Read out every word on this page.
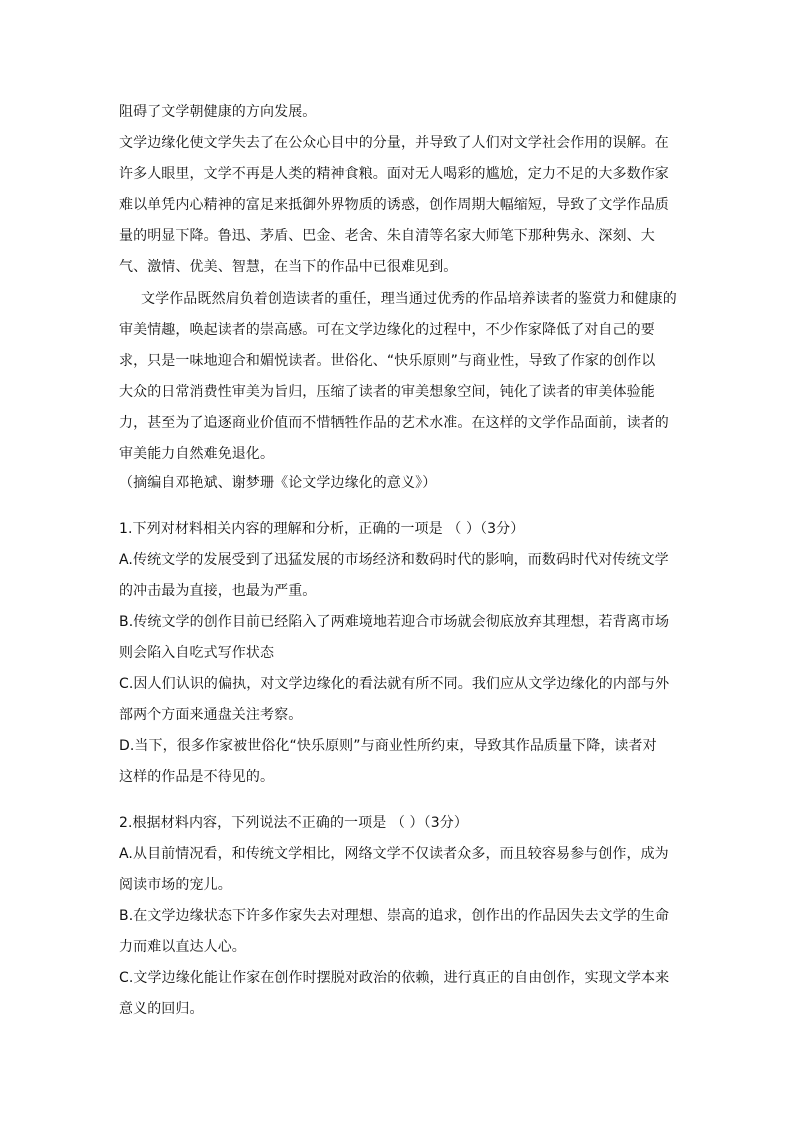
阻碍了文学朝健康的方向发展。
文学边缘化使文学失去了在公众心目中的分量，并导致了人们对文学社会作用的误解。在
许多人眼里，文学不再是人类的精神食粮。面对无人喝彩的尴尬，定力不足的大多数作家
难以单凭内心精神的富足来抵御外界物质的诱惑，创作周期大幅缩短，导致了文学作品质
量的明显下降。鲁迅、茅盾、巴金、老舍、朱自清等名家大师笔下那种隽永、深刻、大
气、激情、优美、智慧，在当下的作品中已很难见到。
文学作品既然肩负着创造读者的重任，理当通过优秀的作品培养读者的鉴赏力和健康的
审美情趣，唤起读者的崇高感。可在文学边缘化的过程中，不少作家降低了对自己的要
求，只是一味地迎合和媚悦读者。世俗化、“快乐原则”与商业性，导致了作家的创作以
大众的日常消费性审美为旨归，压缩了读者的审美想象空间，钝化了读者的审美体验能
力，甚至为了追逐商业价值而不惜牺牲作品的艺术水准。在这样的文学作品面前，读者的
审美能力自然难免退化。
（摘编自邓艳斌、谢梦珊《论文学边缘化的意义》）
1.下列对材料相关内容的理解和分析，正确的一项是 （ ）（3分）
A.传统文学的发展受到了迅猛发展的市场经济和数码时代的影响，而数码时代对传统文学
的冲击最为直接，也最为严重。
B.传统文学的创作目前已经陷入了两难境地若迎合市场就会彻底放弃其理想，若背离市场
则会陷入自吃式写作状态
C.因人们认识的偏执，对文学边缘化的看法就有所不同。我们应从文学边缘化的内部与外
部两个方面来通盘关注考察。
D.当下，很多作家被世俗化“快乐原则”与商业性所约束，导致其作品质量下降，读者对
这样的作品是不待见的。
2.根据材料内容，下列说法不正确的一项是 （ ）（3分）
A.从目前情况看，和传统文学相比，网络文学不仅读者众多，而且较容易参与创作，成为
阅读市场的宠儿。
B.在文学边缘状态下许多作家失去对理想、崇高的追求，创作出的作品因失去文学的生命
力而难以直达人心。
C.文学边缘化能让作家在创作时摆脱对政治的依赖，进行真正的自由创作，实现文学本来
意义的回归。
